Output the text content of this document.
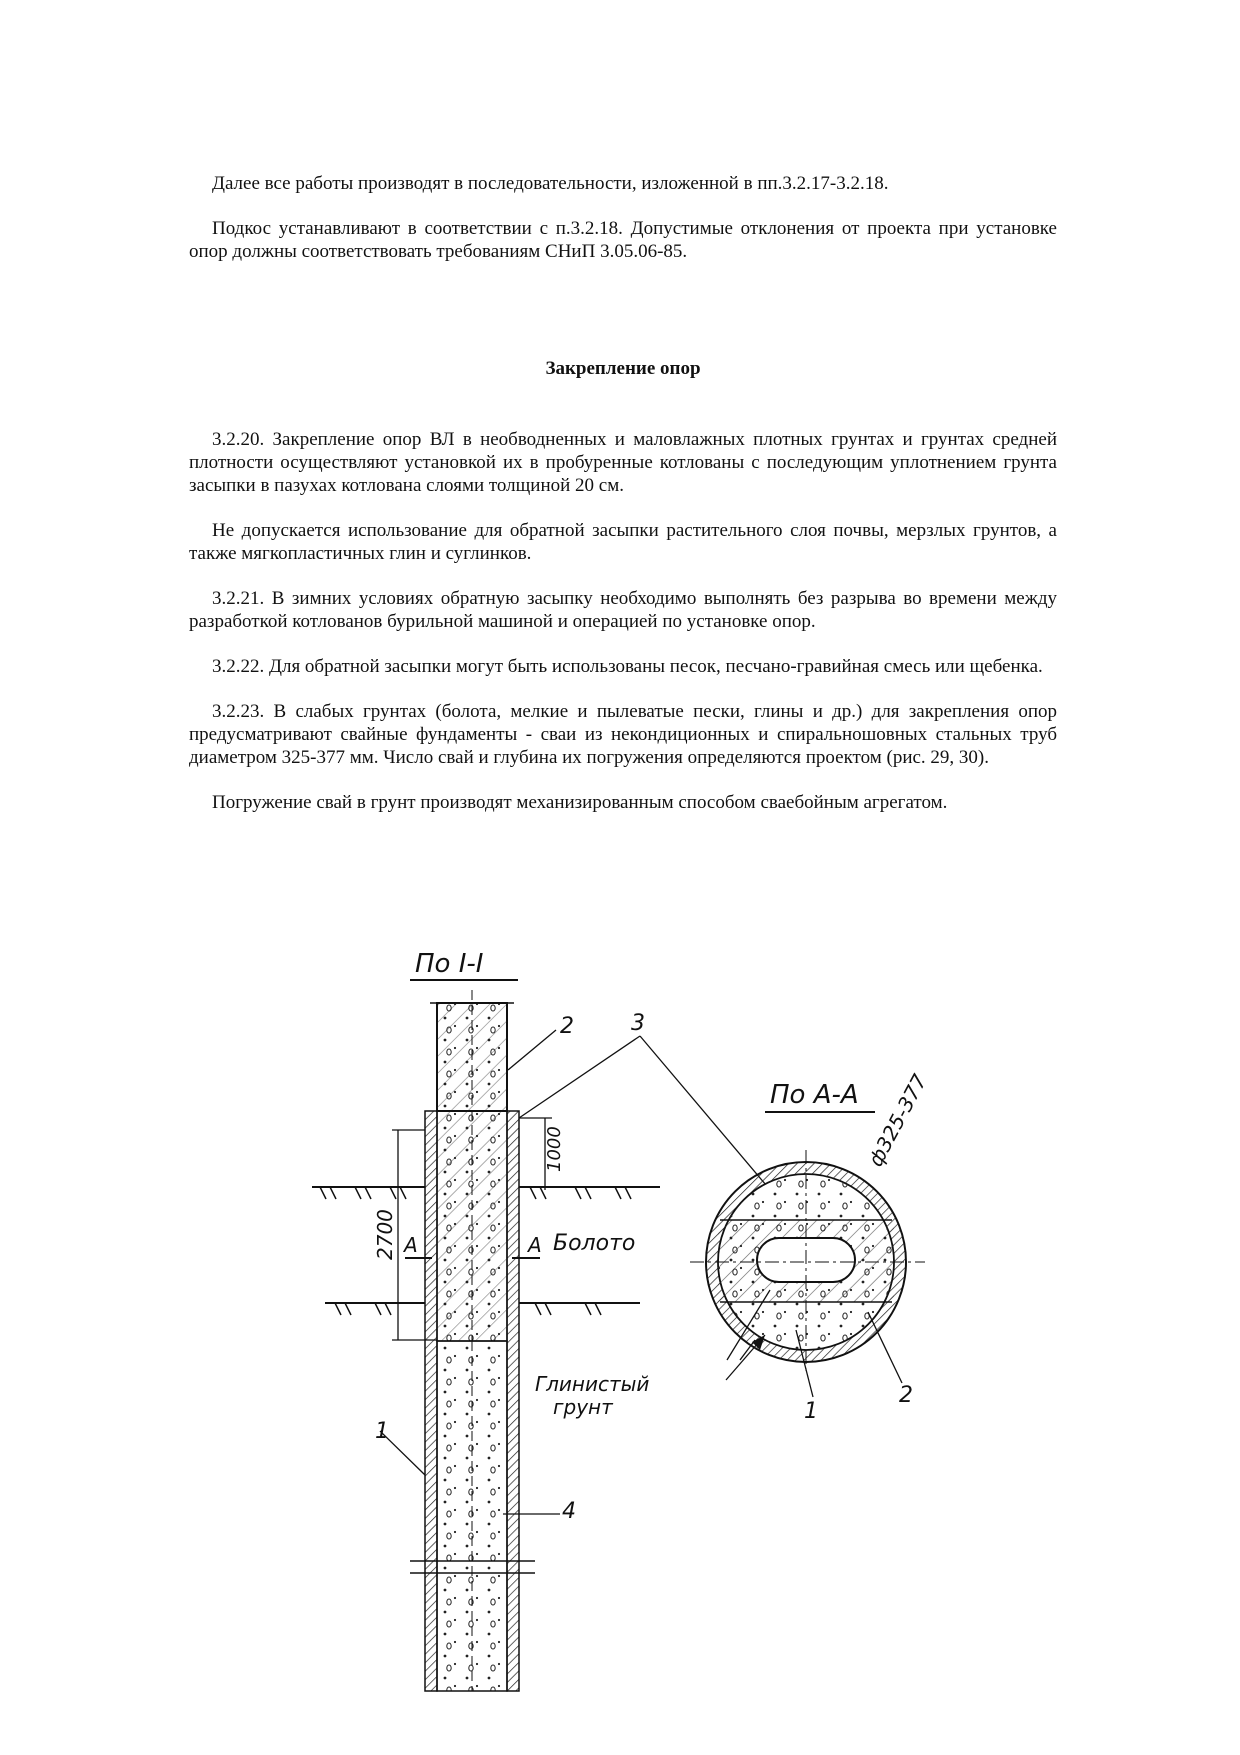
Далее все работы производят в последовательности, изложенной в пп.3.2.17-3.2.18.

Подкос устанавливают в соответствии с п.3.2.18. Допустимые отклонения от проекта при установке опор должны соответствовать требованиям СНиП 3.05.06-85.

Закрепление опор

3.2.20. Закрепление опор ВЛ в необводненных и маловлажных плотных грунтах и грунтах средней плотности осуществляют установкой их в пробуренные котлованы с последующим уплотнением грунта засыпки в пазухах котлована слоями толщиной 20 см.

Не допускается использование для обратной засыпки растительного слоя почвы, мерзлых грунтов, а также мягкопластичных глин и суглинков.

3.2.21. В зимних условиях обратную засыпку необходимо выполнять без разрыва во времени между разработкой котлованов бурильной машиной и операцией по установке опор.

3.2.22. Для обратной засыпки могут быть использованы песок, песчано-гравийная смесь или щебенка.

3.2.23. В слабых грунтах (болота, мелкие и пылеватые пески, глины и др.) для закрепления опор предусматривают свайные фундаменты - сваи из некондиционных и спиральношовных стальных труб диаметром 325-377 мм. Число свай и глубина их погружения определяются проектом (рис. 29, 30).

Погружение свай в грунт производят механизированным способом сваебойным агрегатом.

По I-I
2700
1000
А	А Болото
Глинистый
грунт
2	3
1
4
По А-А ф325-377
1
2
